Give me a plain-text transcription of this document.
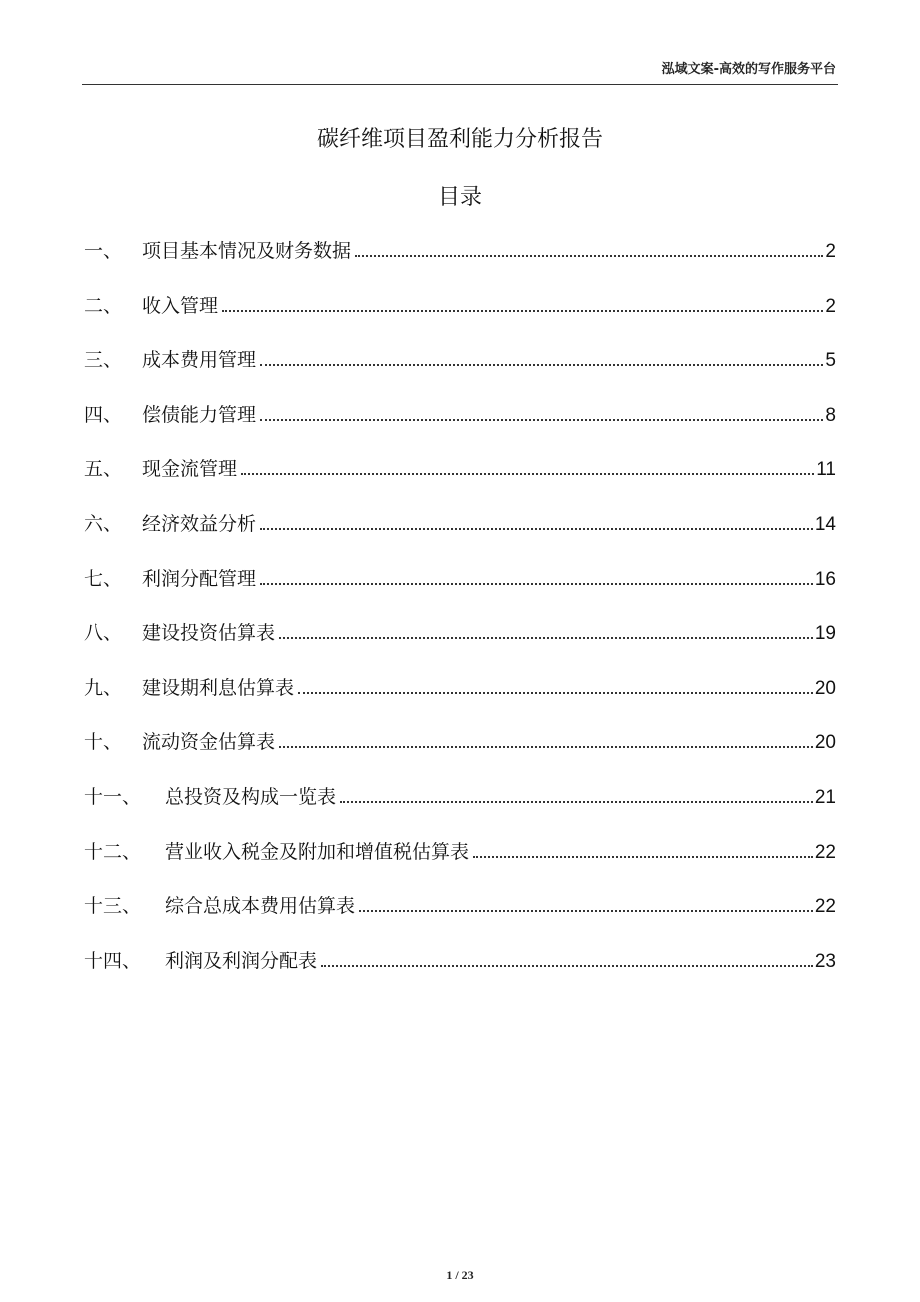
泓域文案-高效的写作服务平台
碳纤维项目盈利能力分析报告
目录
一、	项目基本情况及财务数据	2
二、	收入管理	2
三、	成本费用管理	5
四、	偿债能力管理	8
五、	现金流管理	11
六、	经济效益分析	14
七、	利润分配管理	16
八、	建设投资估算表	19
九、	建设期利息估算表	20
十、	流动资金估算表	20
十一、	总投资及构成一览表	21
十二、	营业收入税金及附加和增值税估算表	22
十三、	综合总成本费用估算表	22
十四、	利润及利润分配表	23
1 / 23
